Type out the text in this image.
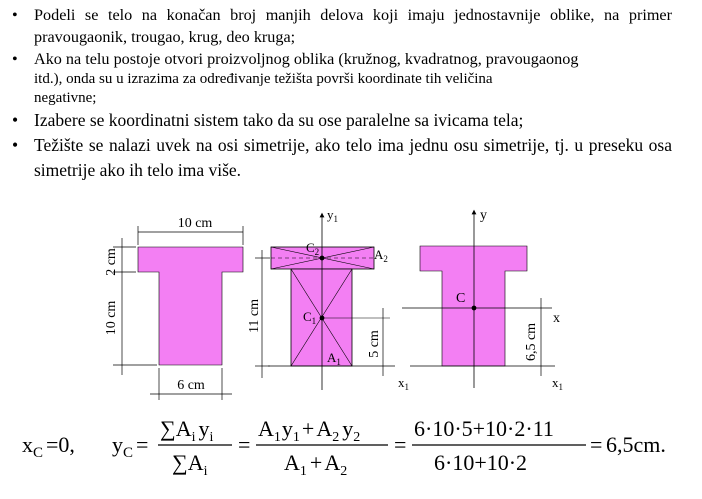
• Podeli se telo na konačan broj manjih delova koji imaju jednostavnije oblike, na primer pravougaonik, trougao, krug, deo kruga;
• Ako na telu postoje otvori proizvoljnog oblika (kružnog, kvadratnog, pravougaonog
itd.), onda su u izrazima za određivanje težišta površi koordinate tih veličina
negativne;
• Izabere se koordinatni sistem tako da su ose paralelne sa ivicama tela;
• Težište se nalazi uvek na osi simetrije, ako telo ima jednu osu simetrije, tj. u preseku osa simetrije ako ih telo ima više.
10 cm
2 cm
10 cm
6 cm
$y_1$
$x_1$
11 cm
5 cm
$C_2$
$C_1$
$A_2$
$A_1$
y
x
$x_1$
C
6,5 cm
$x_C =0$, $y_C$ =
$\sum A_i$ $y_i$
$\sum A_i$
=
$A_1y_1+A_2$ $y_2$
$A_1 +A_2$
=
6·10·5+10·2·11
6·10+10·2
= 6,5cm.
